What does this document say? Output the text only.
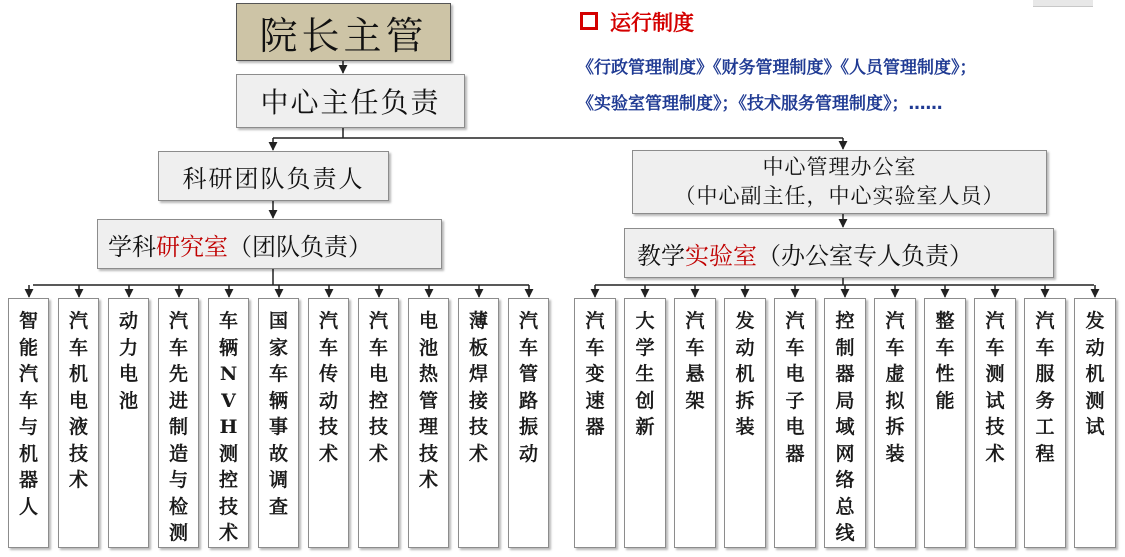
院长主管
中心主任负责
科研团队负责人	中心管理办公室
（中心副主任，中心实验室人员）
学科 研究室 （团队负责）	教学 实验室 （办公室专人负责）
智能汽车与机器人
汽车机电液技术
动力电池
汽车先进制造与检测
车辆NVH测控技术
国家车辆事故调查
汽车传动技术
汽车电控技术
电池热管理技术
薄板焊接技术
汽车管路振动
汽车变速器
大学生创新
汽车悬架
发动机拆装
汽车电子电器
控制器局域网络总线
汽车虚拟拆装
整车性能
汽车测试技术
汽车服务工程
发动机测试
运行制度
《行政管理制度》《财务管理制度》《人员管理制度》；
《实验室管理制度》；《技术服务管理制度》；……
